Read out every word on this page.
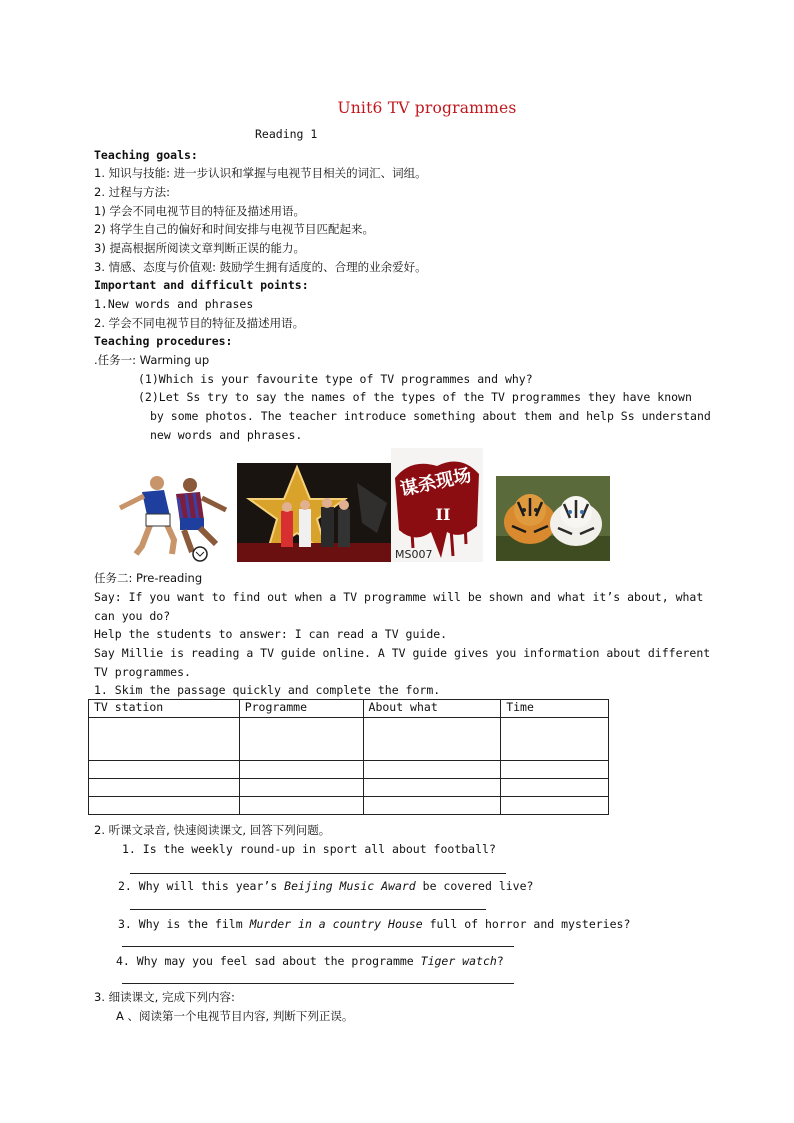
Unit6 TV programmes
Reading 1
Teaching goals:
1. 知识与技能: 进一步认识和掌握与电视节目相关的词汇、词组。
2. 过程与方法:
1) 学会不同电视节目的特征及描述用语。
2) 将学生自己的偏好和时间安排与电视节目匹配起来。
3) 提高根据所阅读文章判断正误的能力。
3. 情感、态度与价值观: 鼓励学生拥有适度的、合理的业余爱好。
Important and difficult points:
1.New words and phrases
2. 学会不同电视节目的特征及描述用语。
Teaching procedures:
.任务一: Warming up
(1)Which is your favourite type of TV programmes and why?
(2)Let Ss try to say the names of the types of the TV programmes they have known
by some photos. The teacher introduce something about them and help Ss understand
new words and phrases.
谋杀现场
II
MS007
任务二: Pre-reading
Say: If you want to find out when a TV programme will be shown and what it’s about, what
can you do?
Help the students to answer: I can read a TV guide.
Say Millie is reading a TV guide online. A TV guide gives you information about different
TV programmes.
1. Skim the passage quickly and complete the form.
TV station	Programme	About what	Time

2. 听课文录音, 快速阅读课文, 回答下列问题。
1. Is the weekly round-up in sport all about football?
2. Why will this year’s Beijing Music Award be covered live?
3. Why is the film Murder in a country House full of horror and mysteries?
4. Why may you feel sad about the programme Tiger watch?
3. 细读课文, 完成下列内容:
A 、阅读第一个电视节目内容, 判断下列正误。
